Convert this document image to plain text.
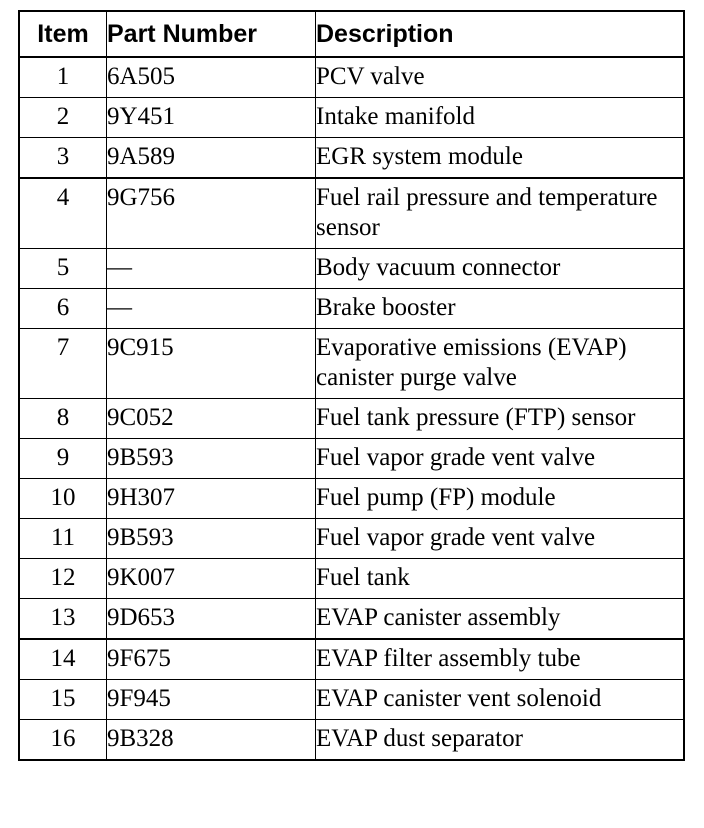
Item	Part Number	Description
1	6A505	PCV valve
2	9Y451	Intake manifold
3	9A589	EGR system module
4	9G756	Fuel rail pressure and temperature sensor
5	—	Body vacuum connector
6	—	Brake booster
7	9C915	Evaporative emissions (EVAP) canister purge valve
8	9C052	Fuel tank pressure (FTP) sensor
9	9B593	Fuel vapor grade vent valve
10	9H307	Fuel pump (FP) module
11	9B593	Fuel vapor grade vent valve
12	9K007	Fuel tank
13	9D653	EVAP canister assembly
14	9F675	EVAP filter assembly tube
15	9F945	EVAP canister vent solenoid
16	9B328	EVAP dust separator
